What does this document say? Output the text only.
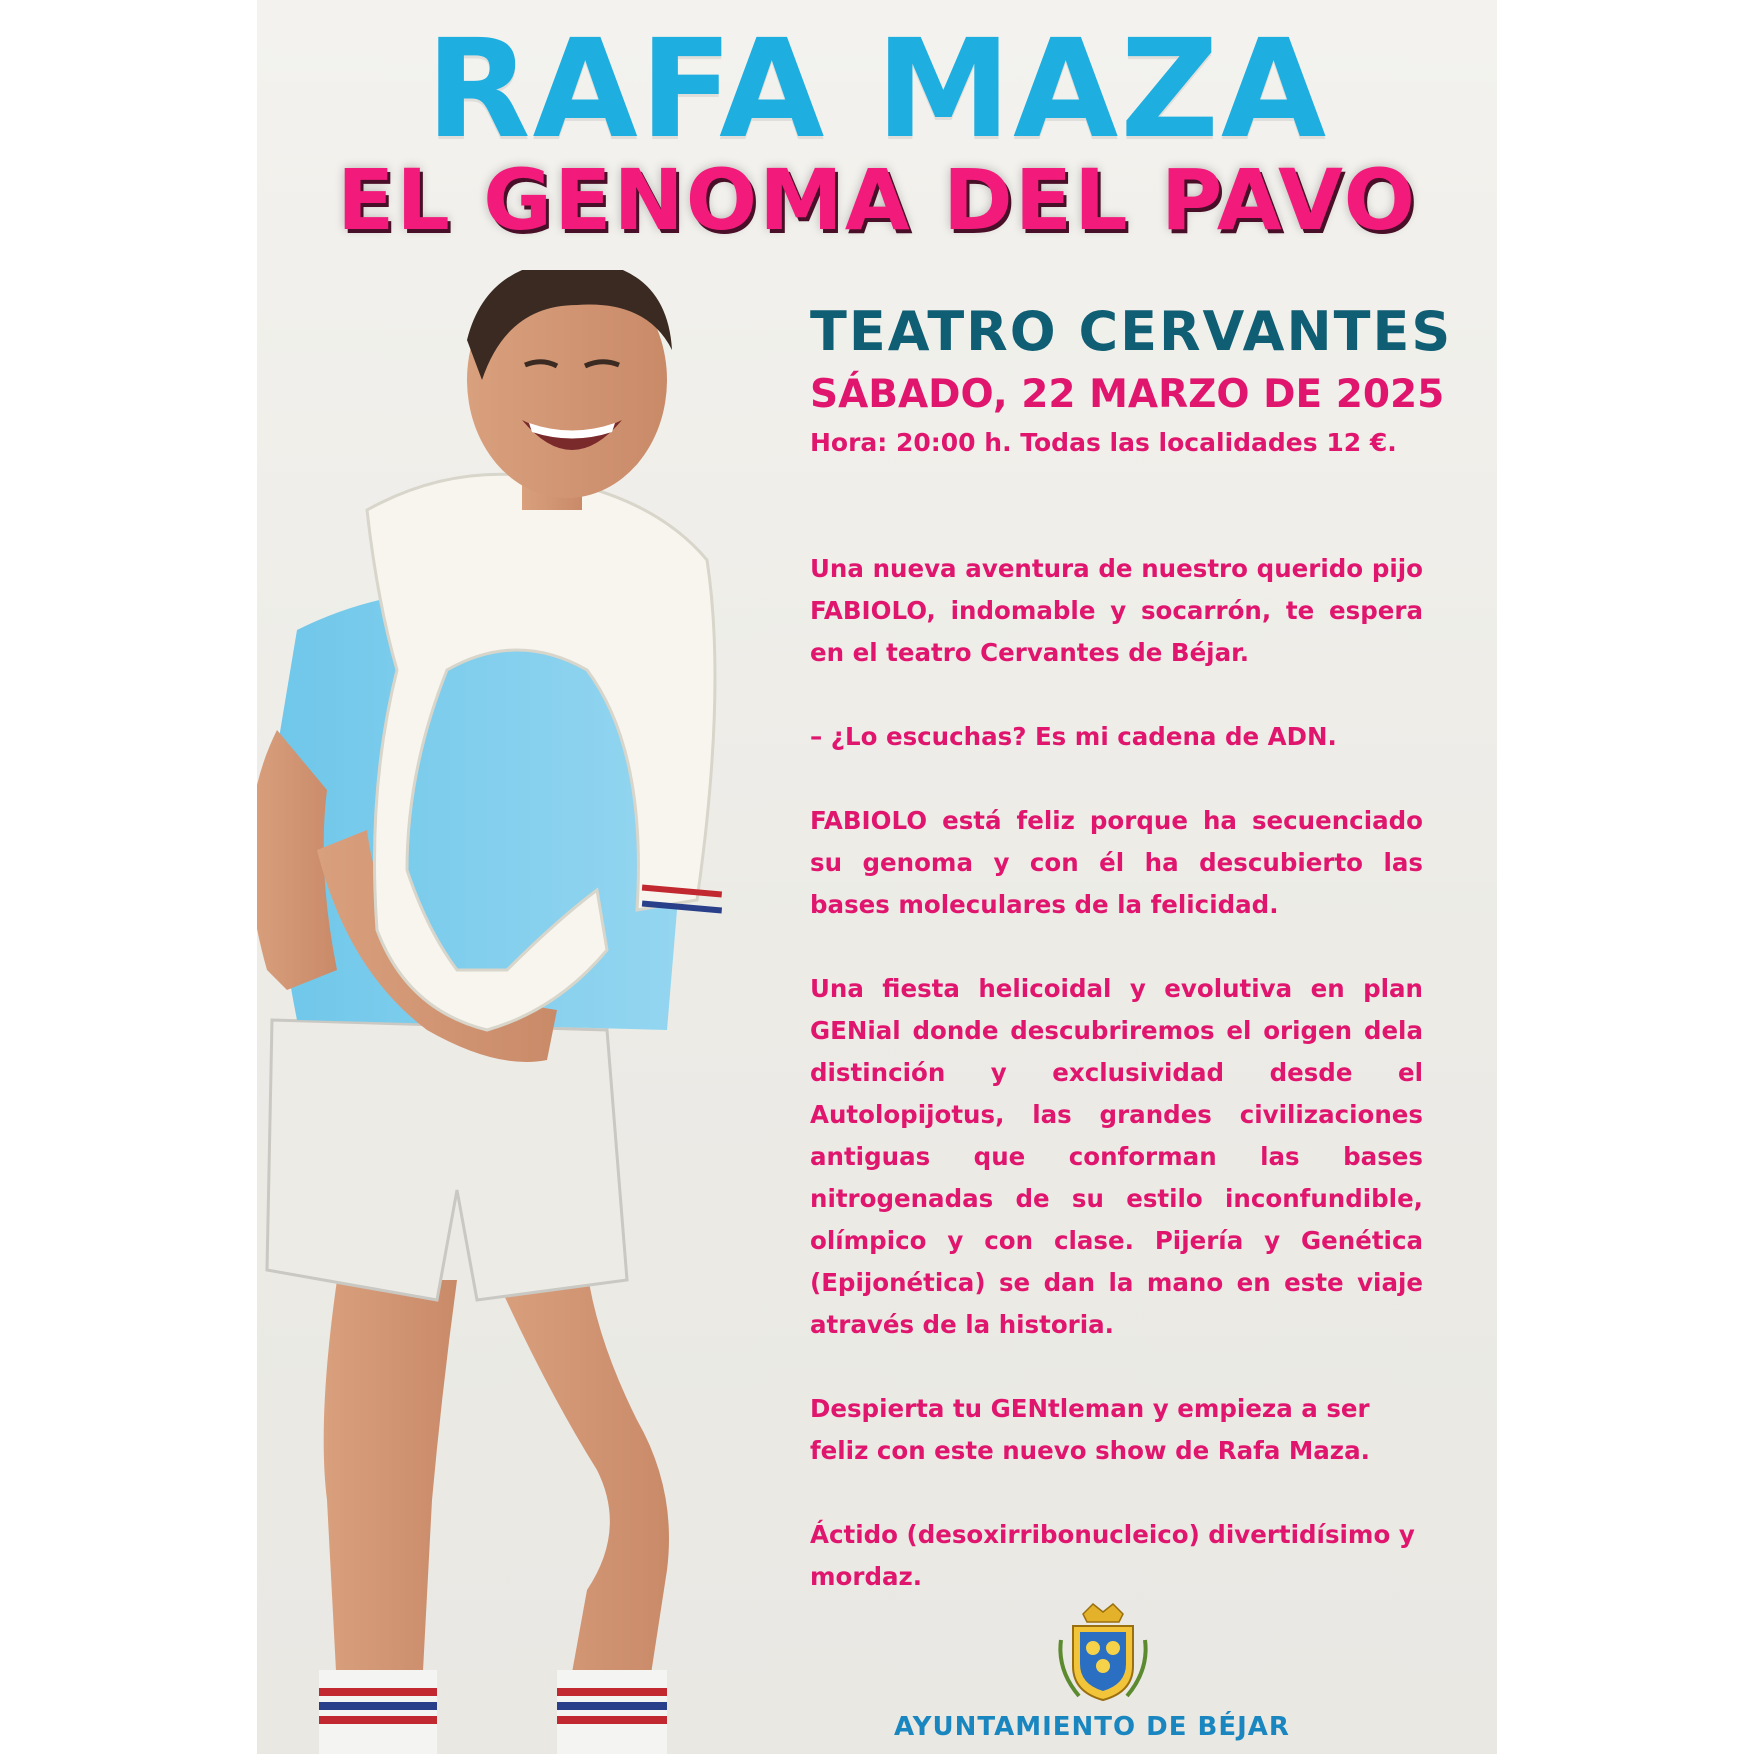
RAFA MAZA
EL GENOMA DEL PAVO
TEATRO CERVANTES
SÁBADO, 22 MARZO DE 2025
Hora: 20:00 h. Todas las localidades 12 €.

Una nueva aventura de nuestro querido pijo FABIOLO, indomable y socarrón, te espera en el teatro Cervantes de Béjar.

– ¿Lo escuchas? Es mi cadena de ADN.

FABIOLO está feliz porque ha secuenciado su genoma y con él ha descubierto las bases moleculares de la felicidad.

Una fiesta helicoidal y evolutiva en plan GENial donde descubriremos el origen dela distinción y exclusividad desde el Autolopijotus, las grandes civilizaciones antiguas que conforman las bases nitrogenadas de su estilo inconfundible, olímpico y con clase. Pijería y Genética (Epijonética) se dan la mano en este viaje através de la historia.

Despierta tu GENtleman y empieza a ser feliz con este nuevo show de Rafa Maza.

Áctido (desoxirribonucleico) divertidísimo y mordaz.

AYUNTAMIENTO DE BÉJAR
